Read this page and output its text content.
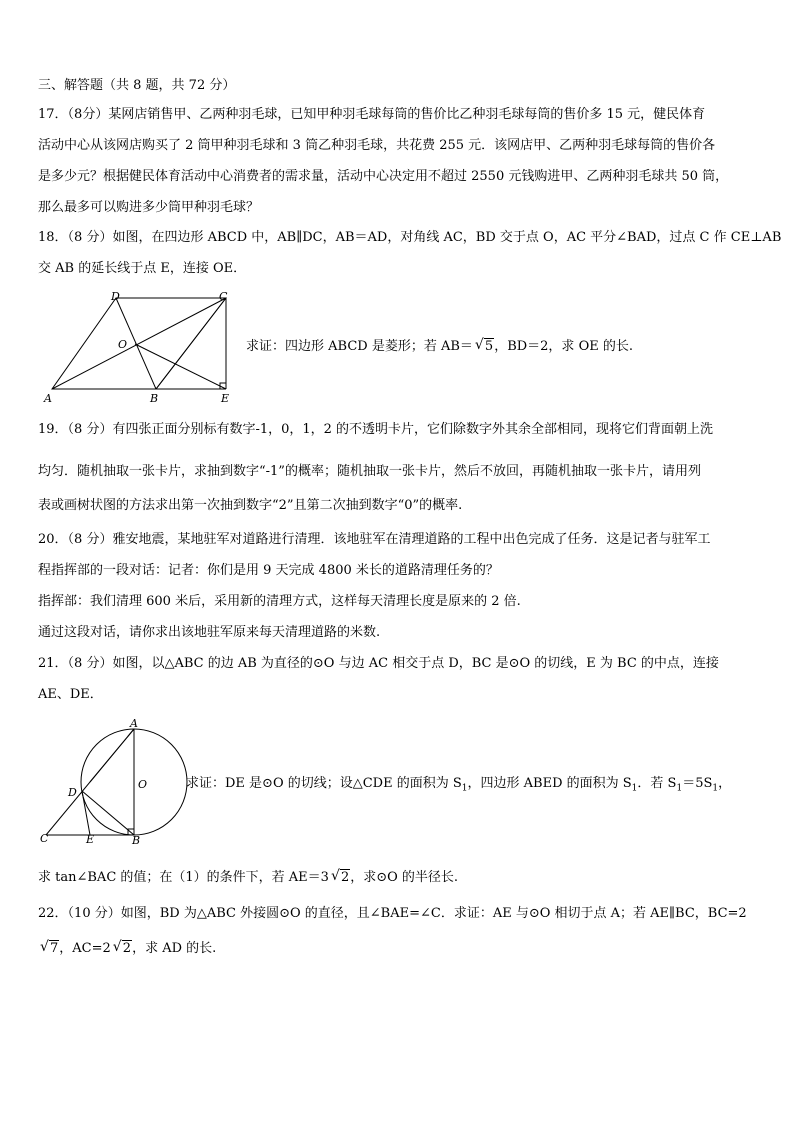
三、解答题（共 8 题，共 72 分）
17．（8分）某网店销售甲、乙两种羽毛球，已知甲种羽毛球每筒的售价比乙种羽毛球每筒的售价多 15 元，健民体育
活动中心从该网店购买了 2 筒甲种羽毛球和 3 筒乙种羽毛球，共花费 255 元．该网店甲、乙两种羽毛球每筒的售价各
是多少元？根据健民体育活动中心消费者的需求量，活动中心决定用不超过 2550 元钱购进甲、乙两种羽毛球共 50 筒，
那么最多可以购进多少筒甲种羽毛球？
18．（8 分）如图，在四边形 ABCD 中，AB∥DC，AB＝AD，对角线 AC，BD 交于点 O，AC 平分∠BAD，过点 C 作 CE⊥AB
交 AB 的延长线于点 E，连接 OE．
D	C
O
A	B	E
求证：四边形 ABCD 是菱形；若 AB＝ √ 5，BD＝2，求 OE 的长.
19．（8 分）有四张正面分别标有数字-1，0，1，2 的不透明卡片，它们除数字外其余全部相同，现将它们背面朝上洗
均匀．随机抽取一张卡片，求抽到数字“-1”的概率；随机抽取一张卡片，然后不放回，再随机抽取一张卡片，请用列
表或画树状图的方法求出第一次抽到数字“2”且第二次抽到数字“0”的概率.
20．（8 分）雅安地震，某地驻军对道路进行清理．该地驻军在清理道路的工程中出色完成了任务．这是记者与驻军工
程指挥部的一段对话：记者：你们是用 9 天完成 4800 米长的道路清理任务的？
指挥部：我们清理 600 米后，采用新的清理方式，这样每天清理长度是原来的 2 倍.
通过这段对话，请你求出该地驻军原来每天清理道路的米数.
21．（8 分）如图，以△ABC 的边 AB 为直径的⊙O 与边 AC 相交于点 D，BC 是⊙O 的切线，E 为 BC 的中点，连接
AE、DE．
A
O
D
C	E	B
求证：DE 是⊙O 的切线；设△CDE 的面积为 $S_1$，四边形 ABED 的面积为 $S_1$．若 $S_1=5S_1$，
求 tan∠BAC 的值；在（1）的条件下，若 AE＝3 √ 2，求⊙O 的半径长.
22．（10 分）如图，BD 为△ABC 外接圆⊙O 的直径，且∠BAE=∠C．求证：AE 与⊙O 相切于点 A；若 AE∥BC，BC=2
√ 7，AC=2 √ 2，求 AD 的长.
